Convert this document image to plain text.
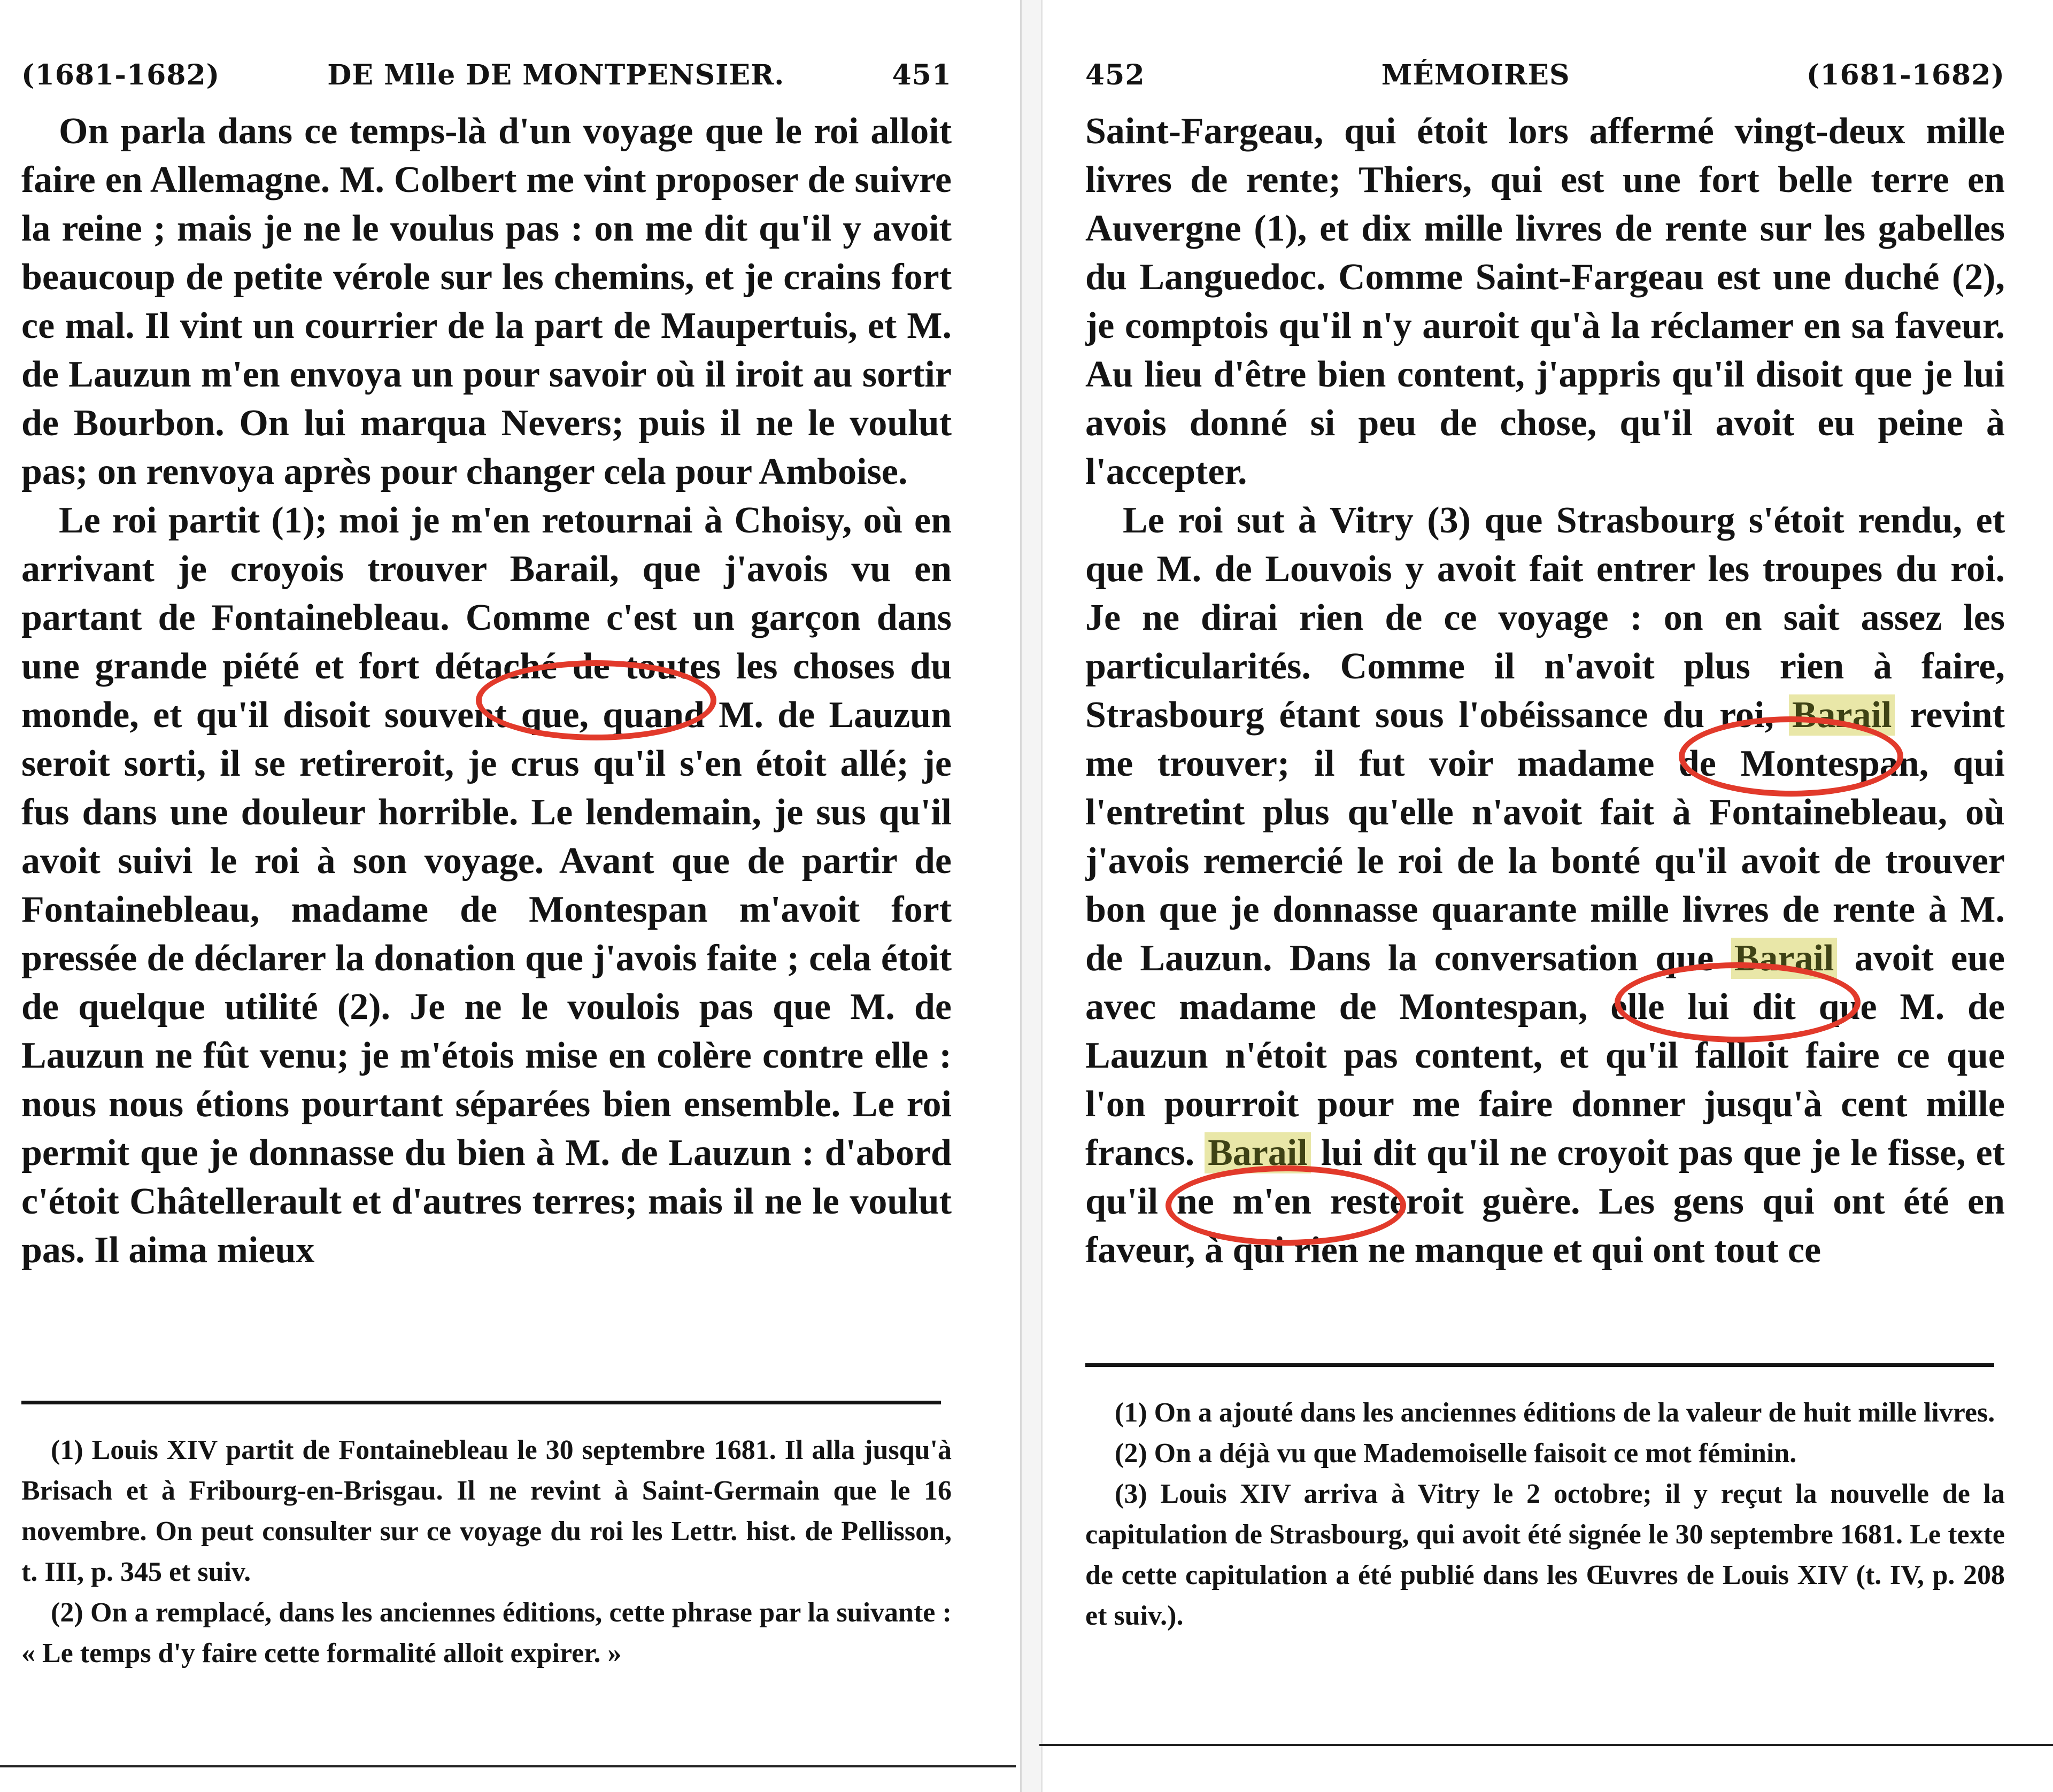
(1681-1682)	DE Mlle DE MONTPENSIER.	451

On parla dans ce temps-là d'un voyage que le roi alloit faire en Allemagne. M. Colbert me vint proposer de suivre la reine ; mais je ne le voulus pas : on me dit qu'il y avoit beaucoup de petite vérole sur les chemins, et je crains fort ce mal. Il vint un courrier de la part de Maupertuis, et M. de Lauzun m'en envoya un pour savoir où il iroit au sortir de Bourbon. On lui marqua Nevers; puis il ne le voulut pas; on renvoya après pour changer cela pour Amboise.

Le roi partit (1); moi je m'en retournai à Choisy, où en arrivant je croyois trouver Barail, que j'avois vu en partant de Fontainebleau. Comme c'est un garçon dans une grande piété et fort détaché de toutes les choses du monde, et qu'il disoit souvent que, quand M. de Lauzun seroit sorti, il se retireroit, je crus qu'il s'en étoit allé; je fus dans une douleur horrible. Le lendemain, je sus qu'il avoit suivi le roi à son voyage. Avant que de partir de Fontainebleau, madame de Montespan m'avoit fort pressée de déclarer la donation que j'avois faite ; cela étoit de quelque utilité (2). Je ne le voulois pas que M. de Lauzun ne fût venu; je m'étois mise en colère contre elle : nous nous étions pourtant séparées bien ensemble. Le roi permit que je donnasse du bien à M. de Lauzun : d'abord c'étoit Châtellerault et d'autres terres; mais il ne le voulut pas. Il aima mieux

(1) Louis XIV partit de Fontainebleau le 30 septembre 1681. Il alla jusqu'à Brisach et à Fribourg-en-Brisgau. Il ne revint à Saint-Germain que le 16 novembre. On peut consulter sur ce voyage du roi les Lettr. hist. de Pellisson, t. III, p. 345 et suiv.

(2) On a remplacé, dans les anciennes éditions, cette phrase par la suivante : « Le temps d'y faire cette formalité alloit expirer. »

452	MÉMOIRES	(1681-1682)

Saint-Fargeau, qui étoit lors affermé vingt-deux mille livres de rente; Thiers, qui est une fort belle terre en Auvergne (1), et dix mille livres de rente sur les gabelles du Languedoc. Comme Saint-Fargeau est une duché (2), je comptois qu'il n'y auroit qu'à la réclamer en sa faveur. Au lieu d'être bien content, j'appris qu'il disoit que je lui avois donné si peu de chose, qu'il avoit eu peine à l'accepter.

Le roi sut à Vitry (3) que Strasbourg s'étoit rendu, et que M. de Louvois y avoit fait entrer les troupes du roi. Je ne dirai rien de ce voyage : on en sait assez les particularités. Comme il n'avoit plus rien à faire, Strasbourg étant sous l'obéissance du roi, Barail revint me trouver; il fut voir madame de Montespan, qui l'entretint plus qu'elle n'avoit fait à Fontainebleau, où j'avois remercié le roi de la bonté qu'il avoit de trouver bon que je donnasse quarante mille livres de rente à M. de Lauzun. Dans la conversation que Barail avoit eue avec madame de Montespan, elle lui dit que M. de Lauzun n'étoit pas content, et qu'il falloit faire ce que l'on pourroit pour me faire donner jusqu'à cent mille francs. Barail lui dit qu'il ne croyoit pas que je le fisse, et qu'il ne m'en resteroit guère. Les gens qui ont été en faveur, à qui rien ne manque et qui ont tout ce

(1) On a ajouté dans les anciennes éditions de la valeur de huit mille livres.

(2) On a déjà vu que Mademoiselle faisoit ce mot féminin.

(3) Louis XIV arriva à Vitry le 2 octobre; il y reçut la nouvelle de la capitulation de Strasbourg, qui avoit été signée le 30 septembre 1681. Le texte de cette capitulation a été publié dans les Œuvres de Louis XIV (t. IV, p. 208 et suiv.).
